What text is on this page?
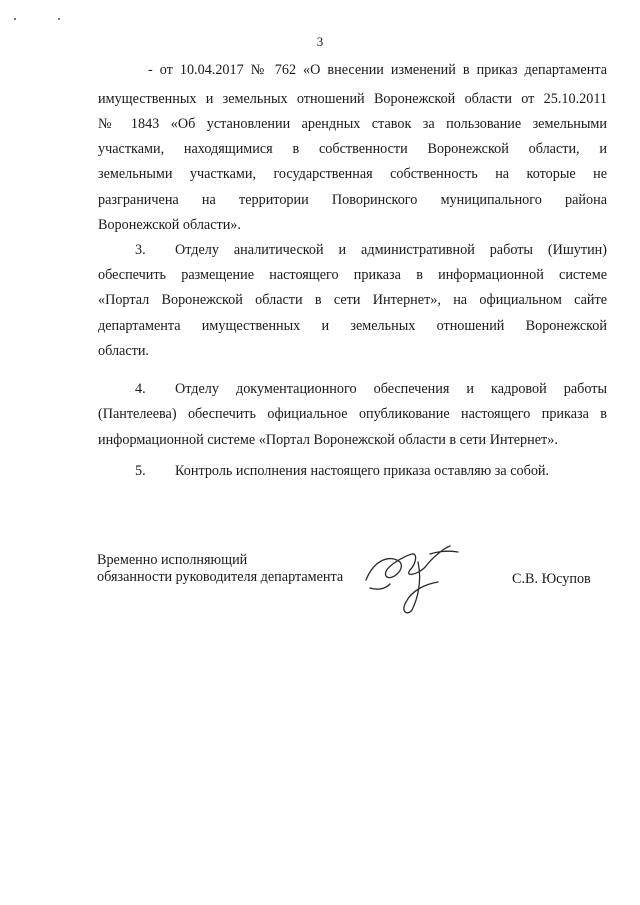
3
- от 10.04.2017 № 762 «О внесении изменений в приказ департамента
имущественных и земельных отношений Воронежской области от 25.10.2011
№ 1843 «Об установлении арендных ставок за пользование земельными
участками, находящимися в собственности Воронежской области, и
земельными участками, государственная собственность на которые не
разграничена на территории Поворинского муниципального района
Воронежской области».
3. Отделу аналитической и административной работы (Ишутин)
обеспечить размещение настоящего приказа в информационной системе
«Портал Воронежской области в сети Интернет», на официальном сайте
департамента имущественных и земельных отношений Воронежской
области.
4. Отделу документационного обеспечения и кадровой работы
(Пантелеева) обеспечить официальное опубликование настоящего приказа в
информационной системе «Портал Воронежской области в сети Интернет».
5. Контроль исполнения настоящего приказа оставляю за собой.
Временно исполняющий
обязанности руководителя департамента	С.В. Юсупов
